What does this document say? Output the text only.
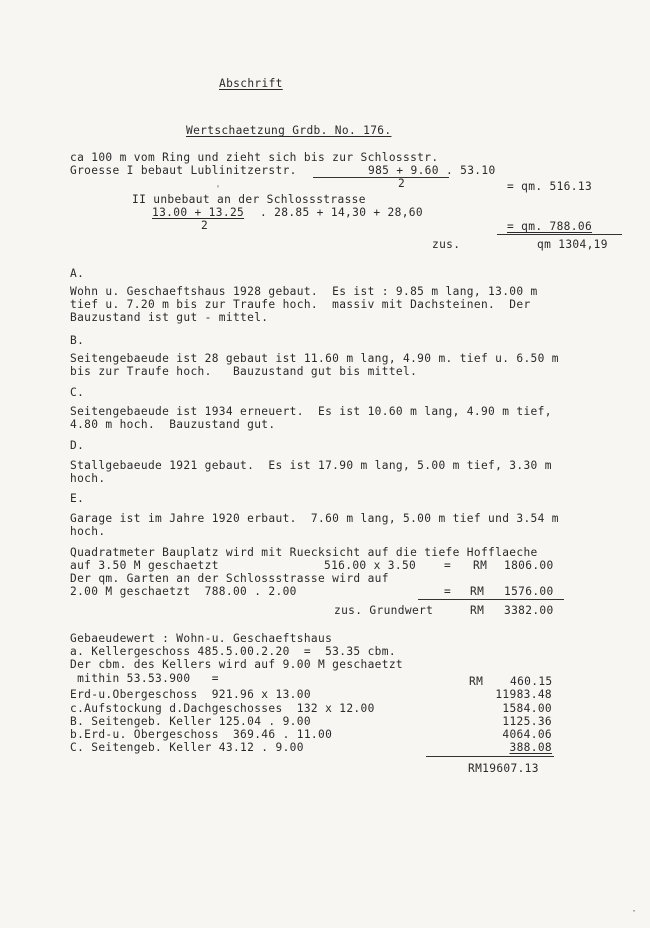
Abschrift
Wertschaetzung Grdb. No. 176.
ca 100 m vom Ring und zieht sich bis zur Schlossstr.
Groesse I bebaut Lublinitzerstr.	985 + 9.60 . 53.10
2	= qm. 516.13
II unbebaut an der Schlossstrasse
13.00 + 13.25 . 28.85 + 14,30 + 28,60
2	= qm. 788.06
zus.	qm 1304,19
A.
Wohn u. Geschaeftshaus 1928 gebaut.  Es ist : 9.85 m lang, 13.00 m
tief u. 7.20 m bis zur Traufe hoch.  massiv mit Dachsteinen.  Der
Bauzustand ist gut - mittel.
B.
Seitengebaeude ist 28 gebaut ist 11.60 m lang, 4.90 m. tief u. 6.50 m
bis zur Traufe hoch.   Bauzustand gut bis mittel.
C.
Seitengebaeude ist 1934 erneuert.  Es ist 10.60 m lang, 4.90 m tief,
4.80 m hoch.  Bauzustand gut.
D.
Stallgebaeude 1921 gebaut.  Es ist 17.90 m lang, 5.00 m tief, 3.30 m
hoch.
E.
Garage ist im Jahre 1920 erbaut.  7.60 m lang, 5.00 m tief und 3.54 m
hoch.
Quadratmeter Bauplatz wird mit Ruecksicht auf die tiefe Hofflaeche
auf 3.50 M geschaetzt	516.00 x 3.50 = RM 1806.00
Der qm. Garten an der Schlossstrasse wird auf
2.00 M geschaetzt  788.00 . 2.00	= RM 1576.00
zus. Grundwert	RM 3382.00
Gebaeudewert : Wohn-u. Geschaeftshaus
a. Kellergeschoss 485.5.00.2.20  =  53.35 cbm.
Der cbm. des Kellers wird auf 9.00 M geschaetzt
mithin 53.53.900   =	RM 460.15
Erd-u.Obergeschoss  921.96 x 13.00	11983.48
c.Aufstockung d.Dachgeschosses  132 x 12.00	1584.00
B. Seitengeb. Keller 125.04 . 9.00	1125.36
b.Erd-u. Obergeschoss  369.46 . 11.00	4064.06
C. Seitengeb. Keller 43.12 . 9.00	388.08
RM19607.13
'
·
